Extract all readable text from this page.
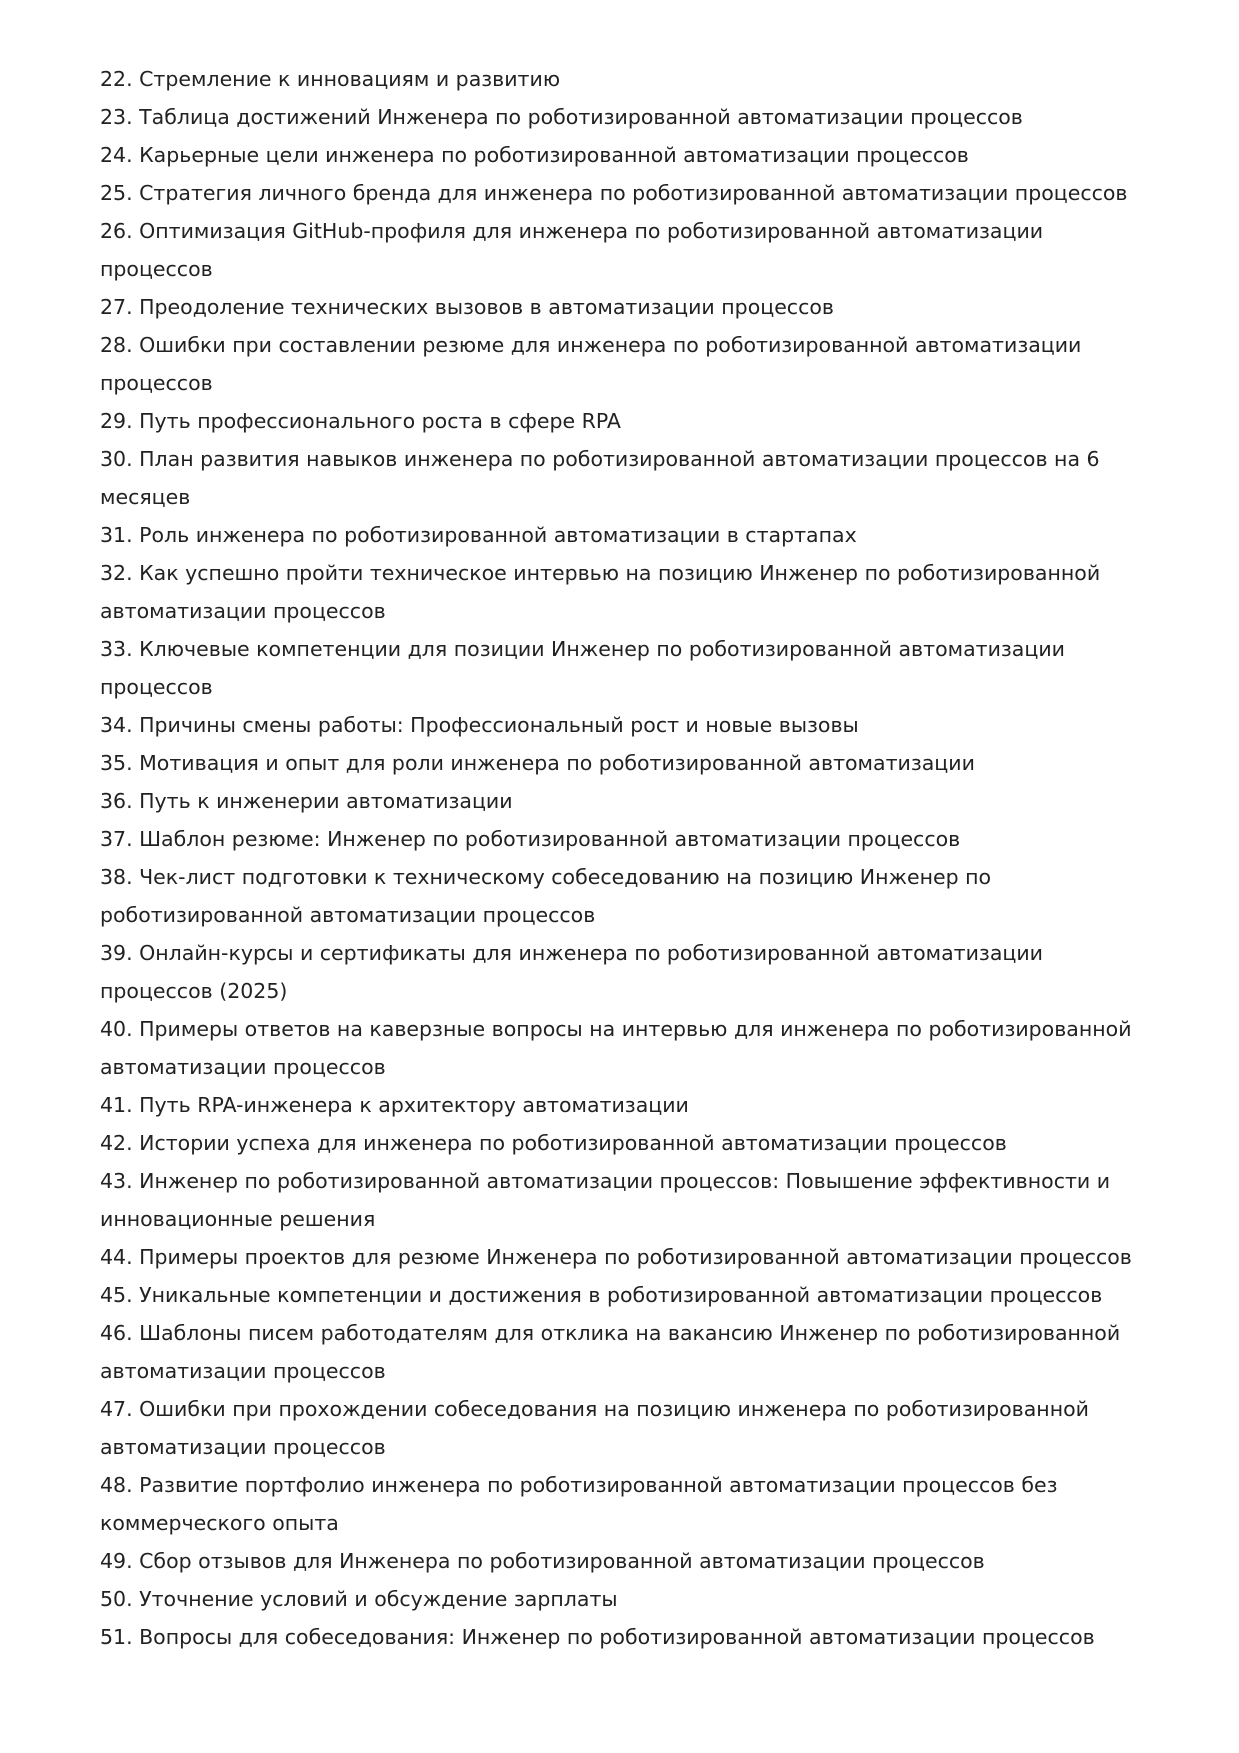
22. Стремление к инновациям и развитию
23. Таблица достижений Инженера по роботизированной автоматизации процессов
24. Карьерные цели инженера по роботизированной автоматизации процессов
25. Стратегия личного бренда для инженера по роботизированной автоматизации процессов
26. Оптимизация GitHub-профиля для инженера по роботизированной автоматизации процессов
27. Преодоление технических вызовов в автоматизации процессов
28. Ошибки при составлении резюме для инженера по роботизированной автоматизации процессов
29. Путь профессионального роста в сфере RPA
30. План развития навыков инженера по роботизированной автоматизации процессов на 6 месяцев
31. Роль инженера по роботизированной автоматизации в стартапах
32. Как успешно пройти техническое интервью на позицию Инженер по роботизированной автоматизации процессов
33. Ключевые компетенции для позиции Инженер по роботизированной автоматизации процессов
34. Причины смены работы: Профессиональный рост и новые вызовы
35. Мотивация и опыт для роли инженера по роботизированной автоматизации
36. Путь к инженерии автоматизации
37. Шаблон резюме: Инженер по роботизированной автоматизации процессов
38. Чек-лист подготовки к техническому собеседованию на позицию Инженер по роботизированной автоматизации процессов
39. Онлайн-курсы и сертификаты для инженера по роботизированной автоматизации процессов (2025)
40. Примеры ответов на каверзные вопросы на интервью для инженера по роботизированной автоматизации процессов
41. Путь RPA-инженера к архитектору автоматизации
42. Истории успеха для инженера по роботизированной автоматизации процессов
43. Инженер по роботизированной автоматизации процессов: Повышение эффективности и инновационные решения
44. Примеры проектов для резюме Инженера по роботизированной автоматизации процессов
45. Уникальные компетенции и достижения в роботизированной автоматизации процессов
46. Шаблоны писем работодателям для отклика на вакансию Инженер по роботизированной автоматизации процессов
47. Ошибки при прохождении собеседования на позицию инженера по роботизированной автоматизации процессов
48. Развитие портфолио инженера по роботизированной автоматизации процессов без коммерческого опыта
49. Сбор отзывов для Инженера по роботизированной автоматизации процессов
50. Уточнение условий и обсуждение зарплаты
51. Вопросы для собеседования: Инженер по роботизированной автоматизации процессов
